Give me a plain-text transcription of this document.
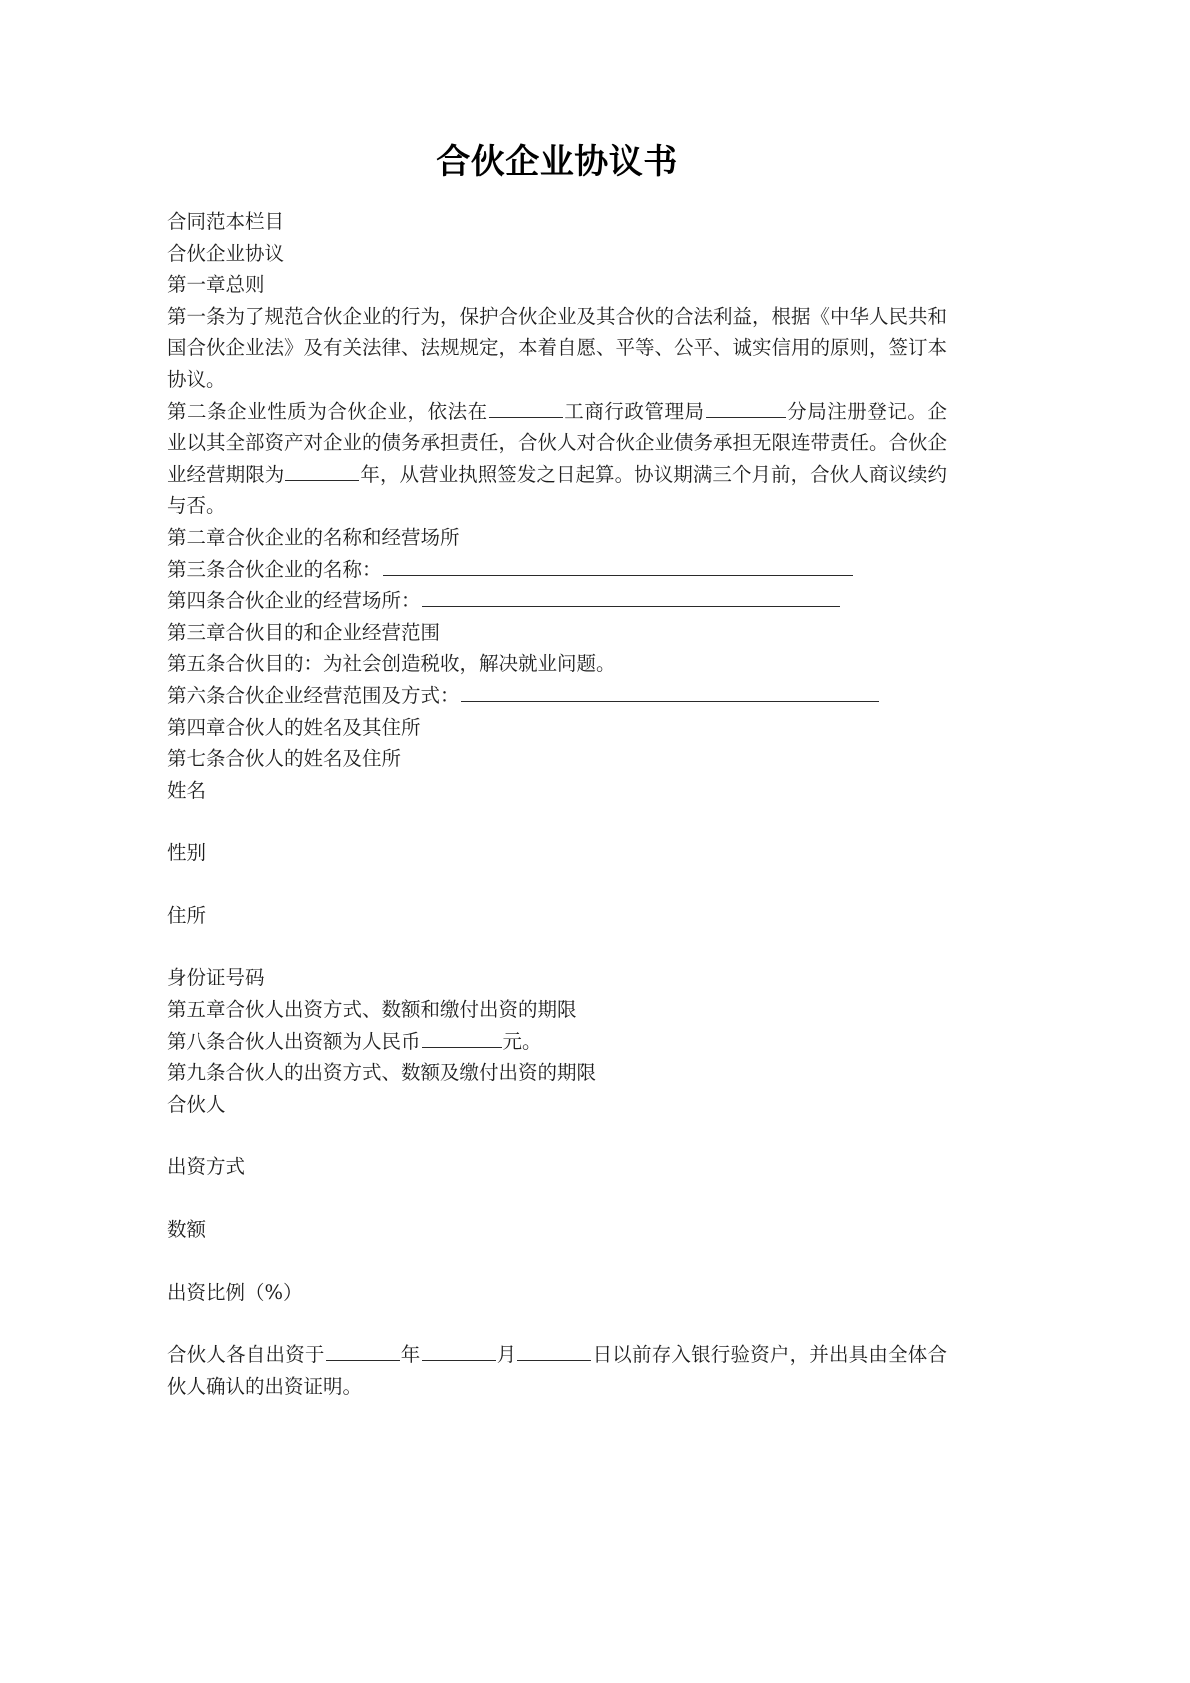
合伙企业协议书

合同范本栏目

合伙企业协议

第一章总则

第一条为了规范合伙企业的行为，保护合伙企业及其合伙的合法利益，根据《中华人民共和国合伙企业法》及有关法律、法规规定，本着自愿、平等、公平、诚实信用的原则，签订本协议。

第二条企业性质为合伙企业，依法在	工商行政管理局	分局注册登记。企业以其全部资产对企业的债务承担责任，合伙人对合伙企业债务承担无限连带责任。合伙企业经营期限为	年，从营业执照签发之日起算。协议期满三个月前，合伙人商议续约与否。

第二章合伙企业的名称和经营场所

第三条合伙企业的名称：

第四条合伙企业的经营场所：

第三章合伙目的和企业经营范围

第五条合伙目的：为社会创造税收，解决就业问题。

第六条合伙企业经营范围及方式：

第四章合伙人的姓名及其住所

第七条合伙人的姓名及住所

姓名

性别

住所

身份证号码

第五章合伙人出资方式、数额和缴付出资的期限

第八条合伙人出资额为人民币	元。

第九条合伙人的出资方式、数额及缴付出资的期限

合伙人

出资方式

数额

出资比例（%）

合伙人各自出资于	年	月	日以前存入银行验资户，并出具由全体合伙人确认的出资证明。
